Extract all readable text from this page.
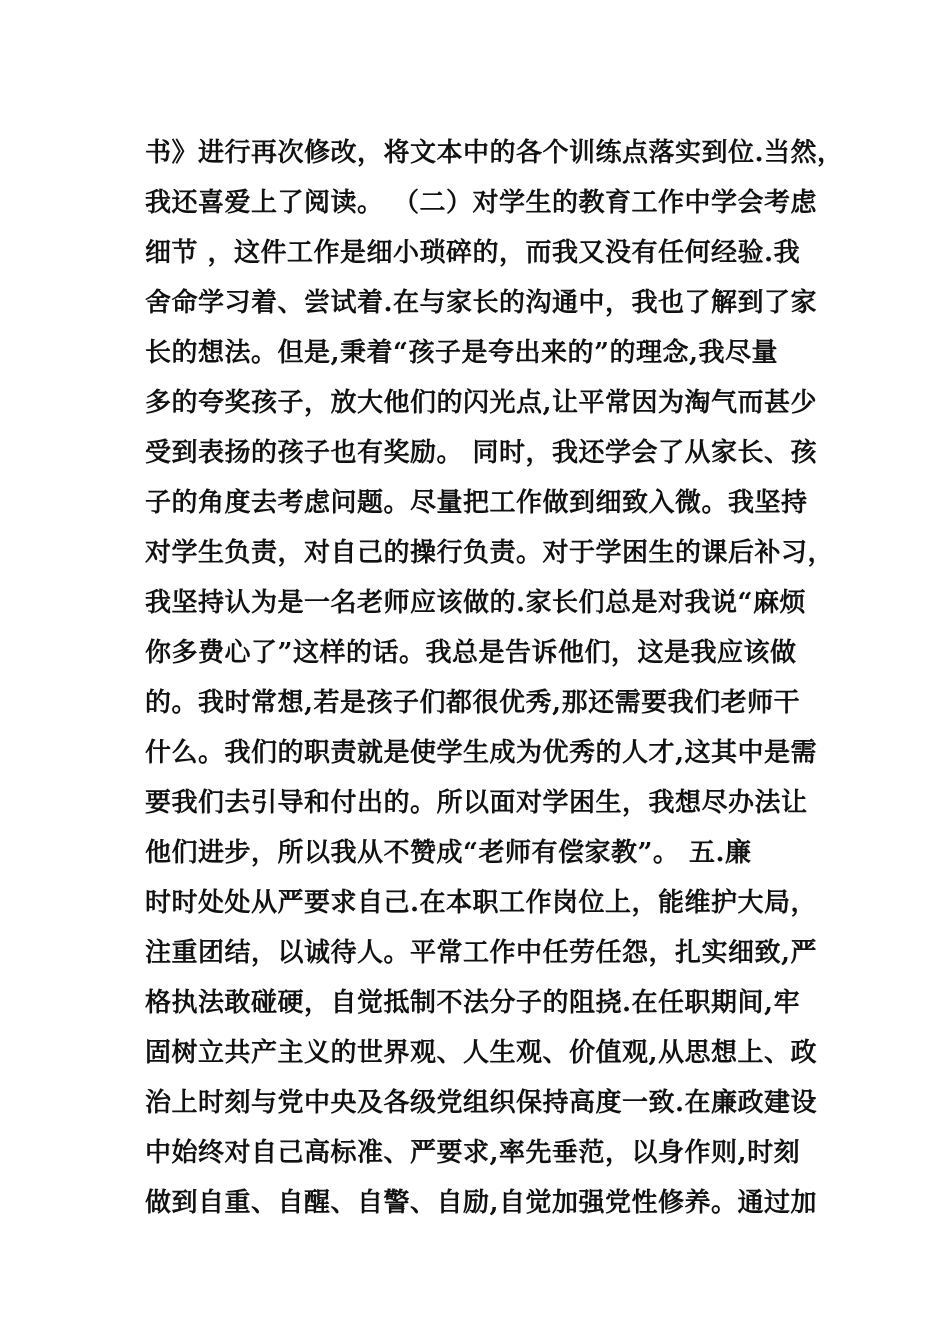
书》进行再次修改，将文本中的各个训练点落实到位.当然，
我还喜爱上了阅读。 （二）对学生的教育工作中学会考虑
细节 ，这件工作是细小琐碎的，而我又没有任何经验.我
舍命学习着、尝试着.在与家长的沟通中，我也了解到了家
长的想法。但是,秉着“孩子是夸出来的”的理念,我尽量
多的夸奖孩子，放大他们的闪光点,让平常因为淘气而甚少
受到表扬的孩子也有奖励。 同时，我还学会了从家长、孩
子的角度去考虑问题。尽量把工作做到细致入微。我坚持
对学生负责，对自己的操行负责。对于学困生的课后补习，
我坚持认为是一名老师应该做的.家长们总是对我说“麻烦
你多费心了”这样的话。我总是告诉他们，这是我应该做
的。我时常想,若是孩子们都很优秀,那还需要我们老师干
什么。我们的职责就是使学生成为优秀的人才,这其中是需
要我们去引导和付出的。所以面对学困生，我想尽办法让
他们进步，所以我从不赞成“老师有偿家教”。 五.廉
时时处处从严要求自己.在本职工作岗位上，能维护大局，
注重团结，以诚待人。平常工作中任劳任怨，扎实细致,严
格执法敢碰硬，自觉抵制不法分子的阻挠.在任职期间,牢
固树立共产主义的世界观、人生观、价值观,从思想上、政
治上时刻与党中央及各级党组织保持高度一致.在廉政建设
中始终对自己高标准、严要求,率先垂范，以身作则,时刻
做到自重、自醒、自警、自励,自觉加强党性修养。通过加
